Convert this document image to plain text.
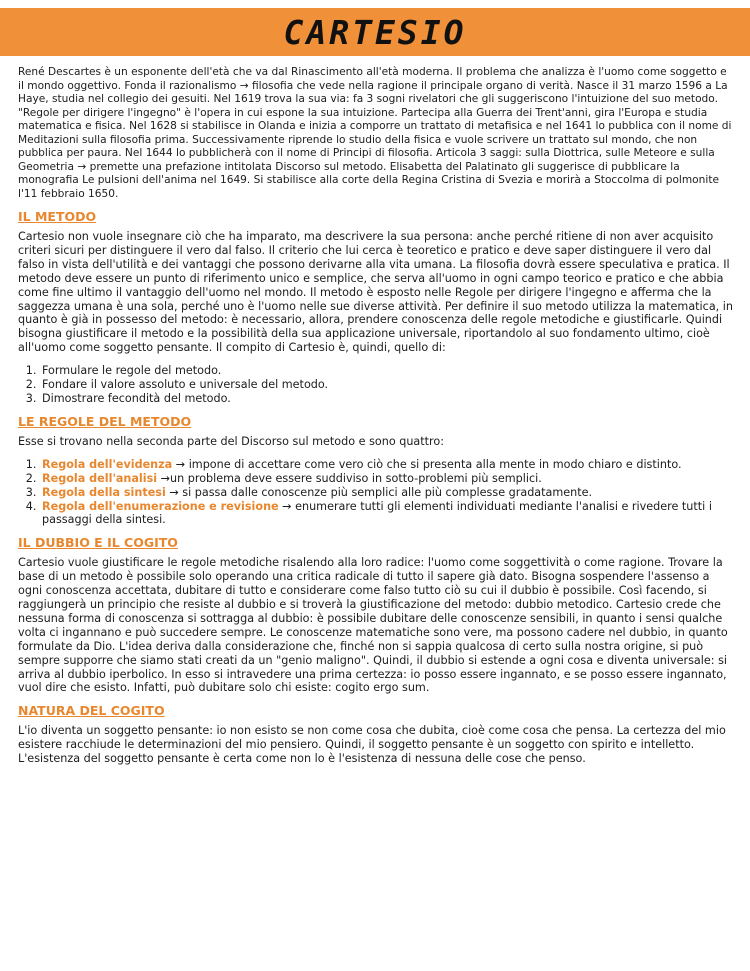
CARTESIO

René Descartes è un esponente dell'età che va dal Rinascimento all'età moderna. Il problema che analizza è l'uomo come soggetto e il mondo oggettivo. Fonda il razionalismo → filosofia che vede nella ragione il principale organo di verità. Nasce il 31 marzo 1596 a La Haye, studia nel collegio dei gesuiti. Nel 1619 trova la sua via: fa 3 sogni rivelatori che gli suggeriscono l'intuizione del suo metodo. "Regole per dirigere l'ingegno" è l'opera in cui espone la sua intuizione. Partecipa alla Guerra dei Trent'anni, gira l'Europa e studia matematica e fisica. Nel 1628 si stabilisce in Olanda e inizia a comporre un trattato di metafisica e nel 1641 lo pubblica con il nome di Meditazioni sulla filosofia prima. Successivamente riprende lo studio della fisica e vuole scrivere un trattato sul mondo, che non pubblica per paura. Nel 1644 lo pubblicherà con il nome di Principi di filosofia. Articola 3 saggi: sulla Diottrica, sulle Meteore e sulla Geometria → premette una prefazione intitolata Discorso sul metodo. Elisabetta del Palatinato gli suggerisce di pubblicare la monografia Le pulsioni dell'anima nel 1649. Si stabilisce alla corte della Regina Cristina di Svezia e morirà a Stoccolma di polmonite l'11 febbraio 1650.

IL METODO

Cartesio non vuole insegnare ciò che ha imparato, ma descrivere la sua persona: anche perché ritiene di non aver acquisito criteri sicuri per distinguere il vero dal falso. Il criterio che lui cerca è teoretico e pratico e deve saper distinguere il vero dal falso in vista dell'utilità e dei vantaggi che possono derivarne alla vita umana. La filosofia dovrà essere speculativa e pratica. Il metodo deve essere un punto di riferimento unico e semplice, che serva all'uomo in ogni campo teorico e pratico e che abbia come fine ultimo il vantaggio dell'uomo nel mondo. Il metodo è esposto nelle Regole per dirigere l'ingegno e afferma che la saggezza umana è una sola, perché uno è l'uomo nelle sue diverse attività. Per definire il suo metodo utilizza la matematica, in quanto è già in possesso del metodo: è necessario, allora, prendere conoscenza delle regole metodiche e giustificarle. Quindi bisogna giustificare il metodo e la possibilità della sua applicazione universale, riportandolo al suo fondamento ultimo, cioè all'uomo come soggetto pensante. Il compito di Cartesio è, quindi, quello di:

1. Formulare le regole del metodo.
2. Fondare il valore assoluto e universale del metodo.
3. Dimostrare fecondità del metodo.
LE REGOLE DEL METODO

Esse si trovano nella seconda parte del Discorso sul metodo e sono quattro:

1. Regola dell'evidenza → impone di accettare come vero ciò che si presenta alla mente in modo chiaro e distinto.
2. Regola dell'analisi →un problema deve essere suddiviso in sotto-problemi più semplici.
3. Regola della sintesi → si passa dalle conoscenze più semplici alle più complesse gradatamente.
4. Regola dell'enumerazione e revisione → enumerare tutti gli elementi individuati mediante l'analisi e rivedere tutti i passaggi della sintesi.
IL DUBBIO E IL COGITO

Cartesio vuole giustificare le regole metodiche risalendo alla loro radice: l'uomo come soggettività o come ragione. Trovare la base di un metodo è possibile solo operando una critica radicale di tutto il sapere già dato. Bisogna sospendere l'assenso a ogni conoscenza accettata, dubitare di tutto e considerare come falso tutto ciò su cui il dubbio è possibile. Così facendo, si raggiungerà un principio che resiste al dubbio e si troverà la giustificazione del metodo: dubbio metodico. Cartesio crede che nessuna forma di conoscenza si sottragga al dubbio: è possibile dubitare delle conoscenze sensibili, in quanto i sensi qualche volta ci ingannano e può succedere sempre. Le conoscenze matematiche sono vere, ma possono cadere nel dubbio, in quanto formulate da Dio. L'idea deriva dalla considerazione che, finché non si sappia qualcosa di certo sulla nostra origine, si può sempre supporre che siamo stati creati da un "genio maligno". Quindi, il dubbio si estende a ogni cosa e diventa universale: si arriva al dubbio iperbolico. In esso si intravedere una prima certezza: io posso essere ingannato, e se posso essere ingannato, vuol dire che esisto. Infatti, può dubitare solo chi esiste: cogito ergo sum.

NATURA DEL COGITO

L'io diventa un soggetto pensante: io non esisto se non come cosa che dubita, cioè come cosa che pensa. La certezza del mio esistere racchiude le determinazioni del mio pensiero. Quindi, il soggetto pensante è un soggetto con spirito e intelletto. L'esistenza del soggetto pensante è certa come non lo è l'esistenza di nessuna delle cose che penso.
